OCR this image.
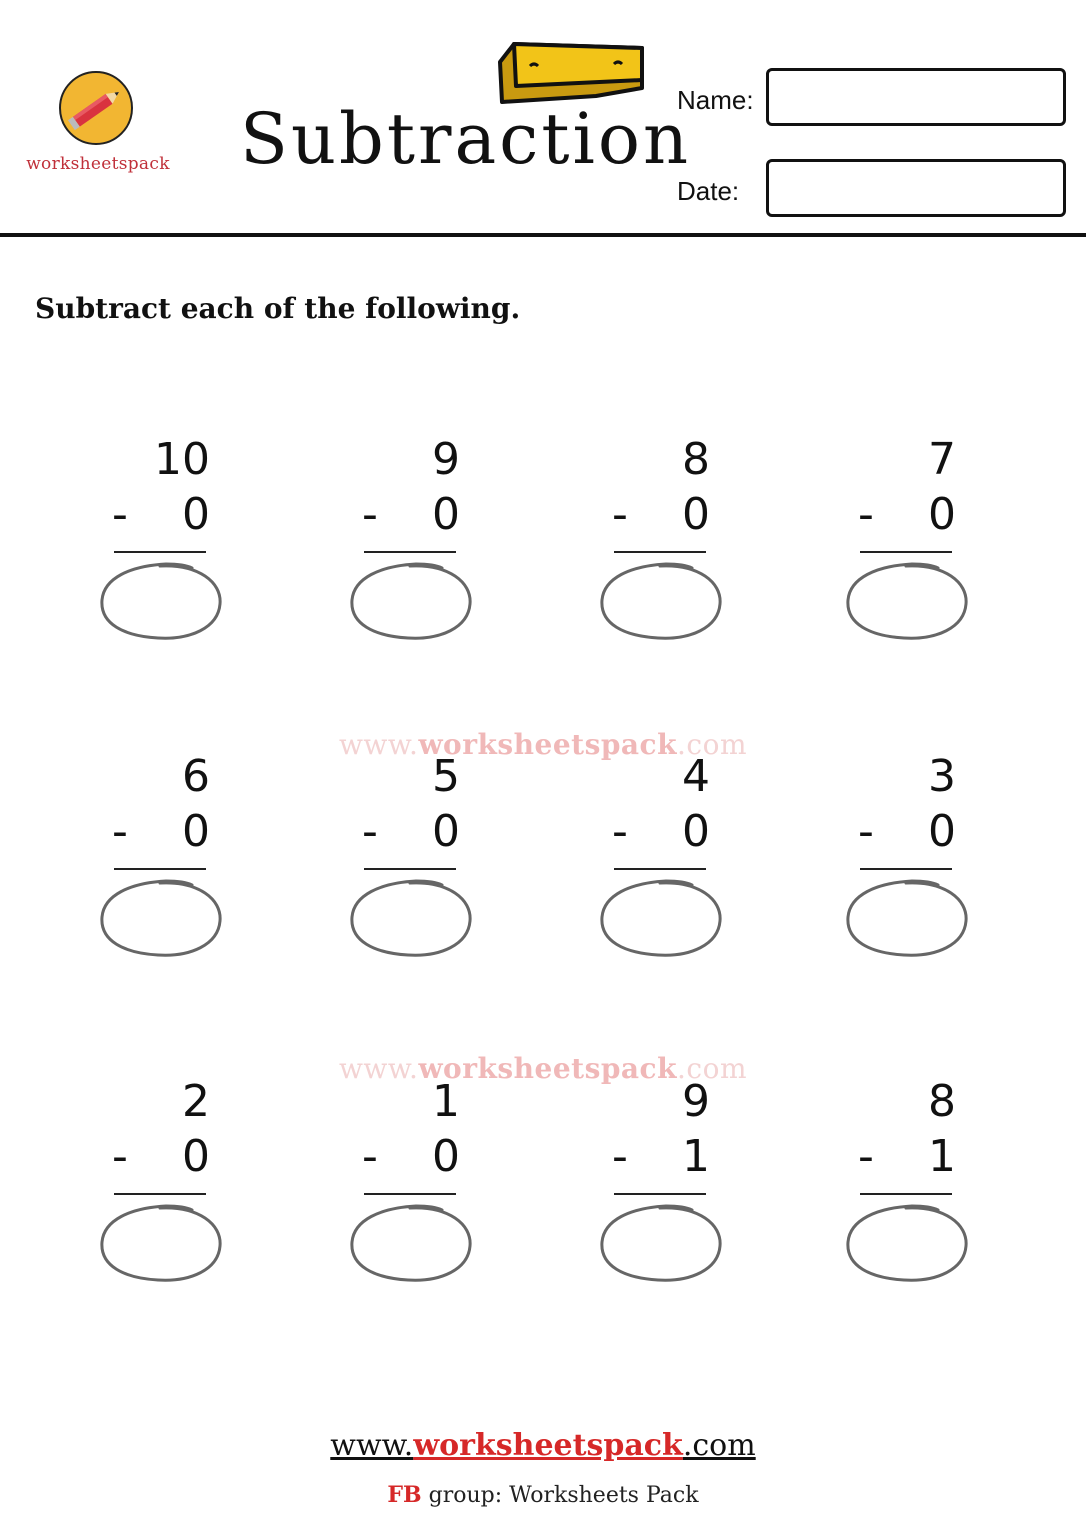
worksheetspack Subtraction
Name:
Date:
Subtract each of the following.
www.worksheetspack.com
www.worksheetspack.com
10
- 0
9
- 0
8
- 0
7
- 0
6
- 0
5
- 0
4
- 0
3
- 0
2
- 0
1
- 0
9
- 1
8
- 1
www.worksheetspack.com
FB group: Worksheets Pack
